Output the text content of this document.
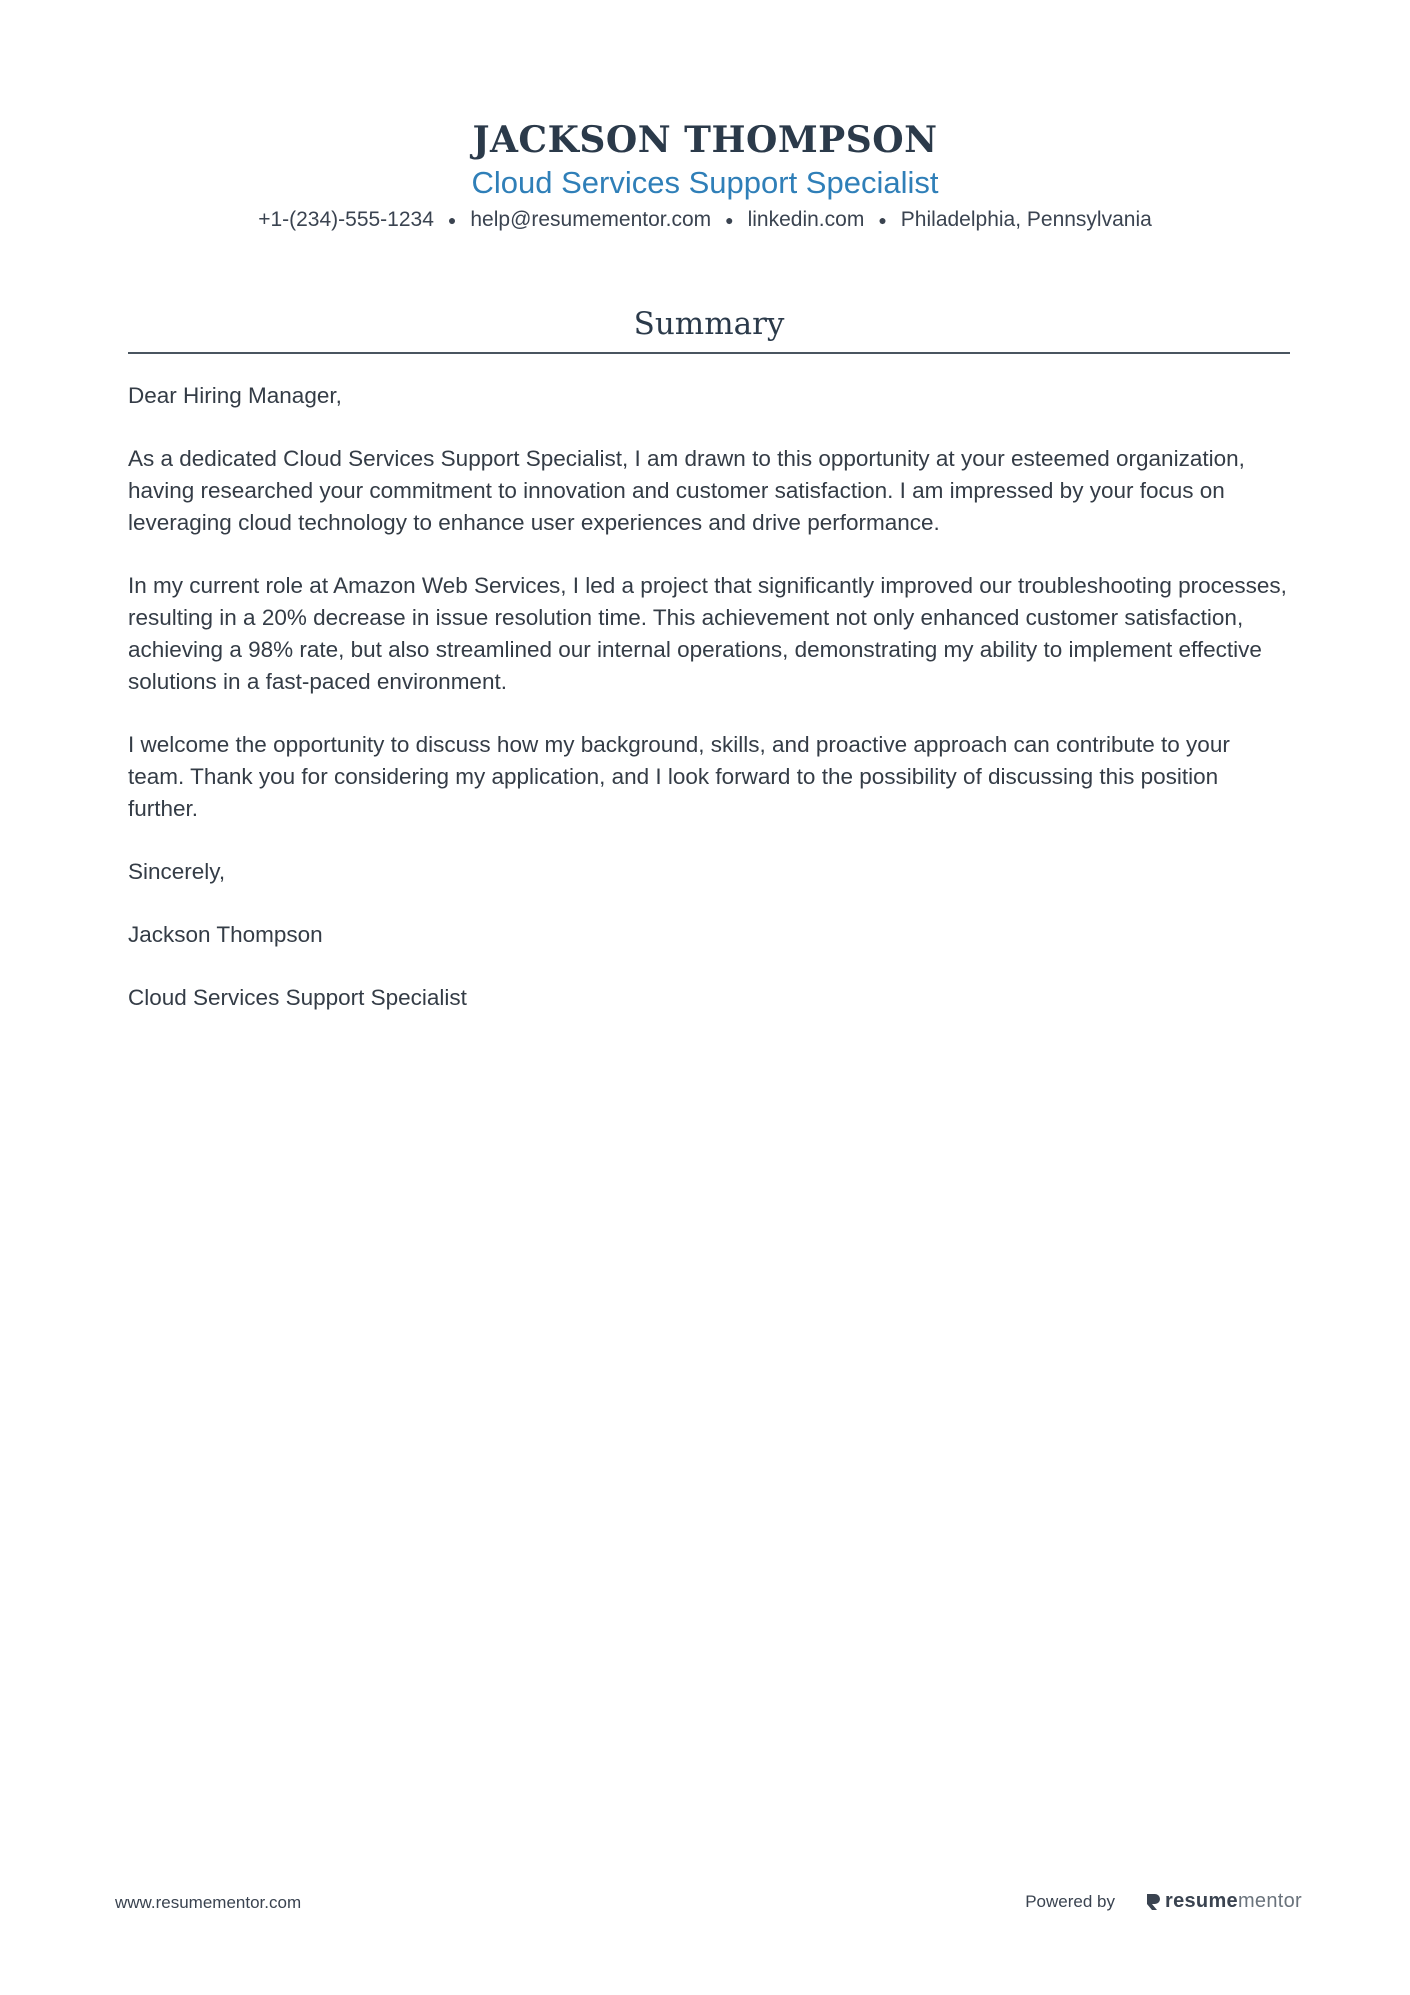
JACKSON THOMPSON
Cloud Services Support Specialist
+1-(234)-555-1234 ● help@resumementor.com ● linkedin.com ● Philadelphia, Pennsylvania
Summary

Dear Hiring Manager,

As a dedicated Cloud Services Support Specialist, I am drawn to this opportunity at your esteemed organization, having researched your commitment to innovation and customer satisfaction. I am impressed by your focus on leveraging cloud technology to enhance user experiences and drive performance.

In my current role at Amazon Web Services, I led a project that significantly improved our troubleshooting processes, resulting in a 20% decrease in issue resolution time. This achievement not only enhanced customer satisfaction, achieving a 98% rate, but also streamlined our internal operations, demonstrating my ability to implement effective solutions in a fast-paced environment.

I welcome the opportunity to discuss how my background, skills, and proactive approach can contribute to your team. Thank you for considering my application, and I look forward to the possibility of discussing this position further.

Sincerely,

Jackson Thompson

Cloud Services Support Specialist

www.resumementor.com	Powered by	resume mentor
